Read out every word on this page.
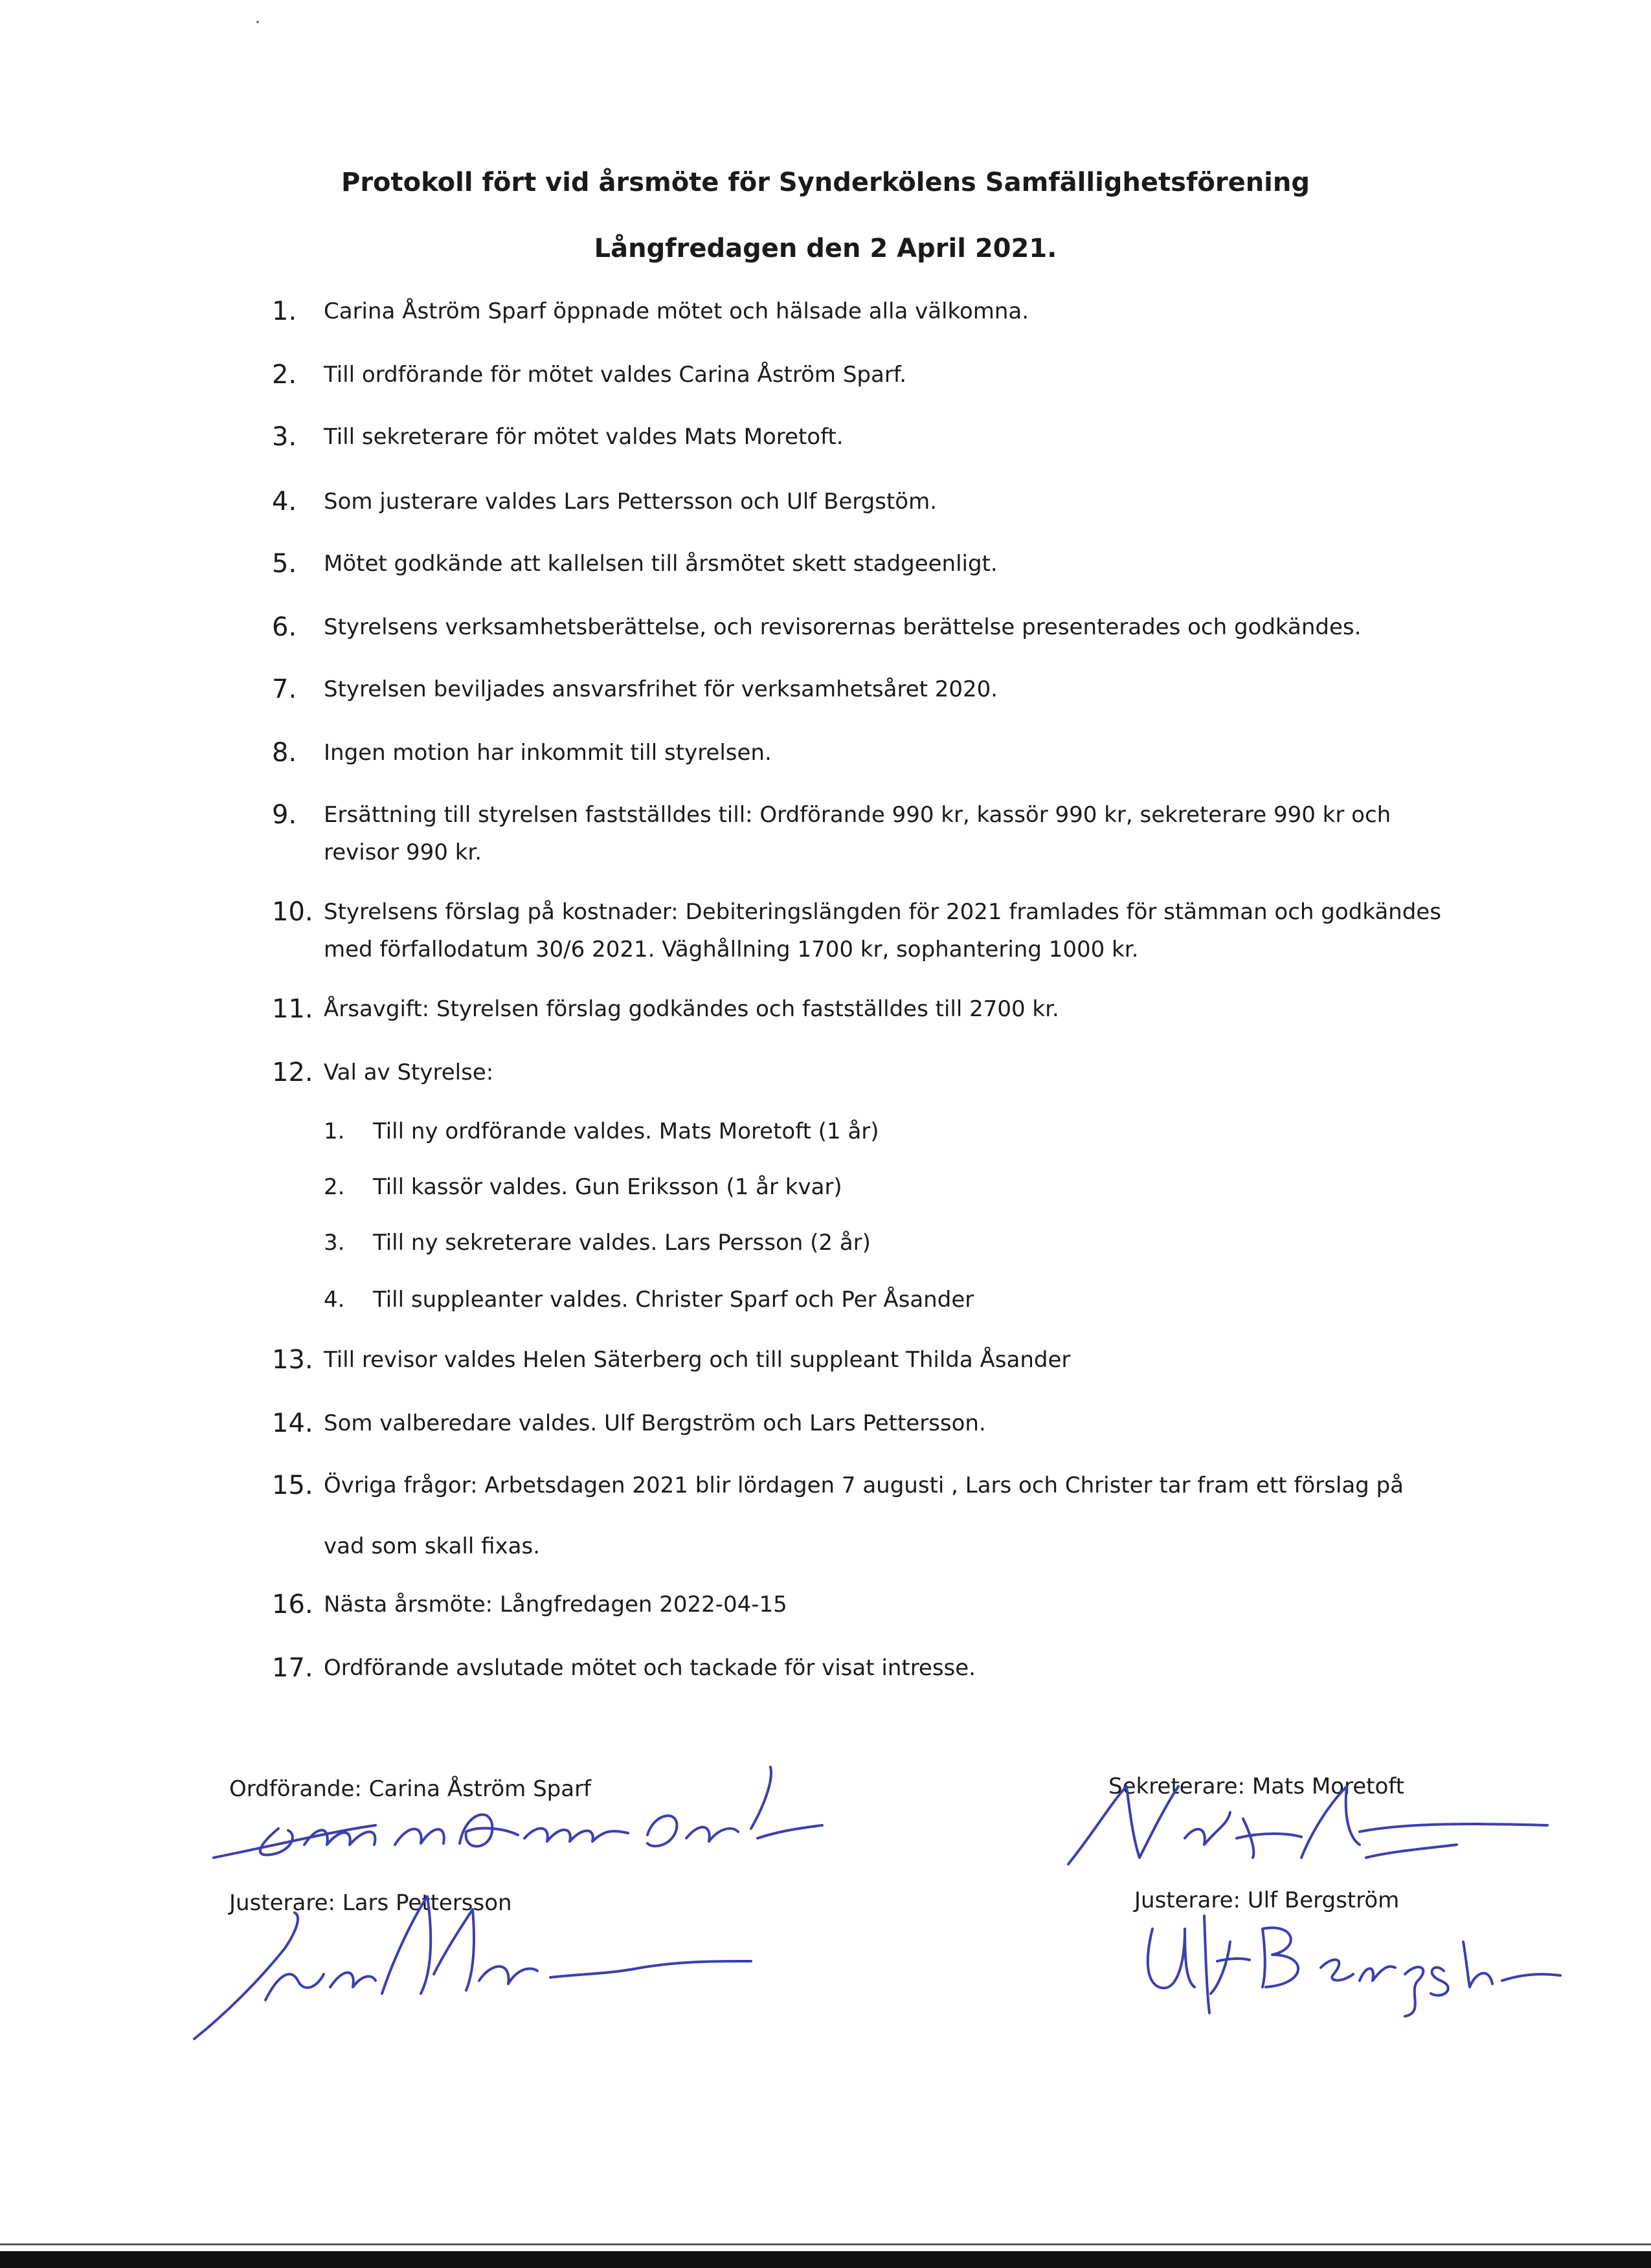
Protokoll fört vid årsmöte för Synderkölens Samfällighetsförening
Långfredagen den 2 April 2021.
1. Carina Åström Sparf öppnade mötet och hälsade alla välkomna.
2. Till ordförande för mötet valdes Carina Åström Sparf.
3. Till sekreterare för mötet valdes Mats Moretoft.
4. Som justerare valdes Lars Pettersson och Ulf Bergstöm.
5. Mötet godkände att kallelsen till årsmötet skett stadgeenligt.
6. Styrelsens verksamhetsberättelse, och revisorernas berättelse presenterades och godkändes.
7. Styrelsen beviljades ansvarsfrihet för verksamhetsåret 2020.
8. Ingen motion har inkommit till styrelsen.
9. Ersättning till styrelsen fastställdes till: Ordförande 990 kr, kassör 990 kr, sekreterare 990 kr och
revisor 990 kr.
10. Styrelsens förslag på kostnader: Debiteringslängden för 2021 framlades för stämman och godkändes
med förfallodatum 30/6 2021. Väghållning 1700 kr, sophantering 1000 kr.
11. Årsavgift: Styrelsen förslag godkändes och fastställdes till 2700 kr.
12. Val av Styrelse:
1. Till ny ordförande valdes. Mats Moretoft (1 år)
2. Till kassör valdes. Gun Eriksson (1 år kvar)
3. Till ny sekreterare valdes. Lars Persson (2 år)
4. Till suppleanter valdes. Christer Sparf och Per Åsander
13. Till revisor valdes Helen Säterberg och till suppleant Thilda Åsander
14. Som valberedare valdes. Ulf Bergström och Lars Pettersson.
15. Övriga frågor: Arbetsdagen 2021 blir lördagen 7 augusti , Lars och Christer tar fram ett förslag på
vad som skall fixas.
16. Nästa årsmöte: Långfredagen 2022-04-15
17. Ordförande avslutade mötet och tackade för visat intresse.
Ordförande: Carina Åström Sparf	Sekreterare: Mats Moretoft
Justerare: Lars Pettersson	Justerare: Ulf Bergström
